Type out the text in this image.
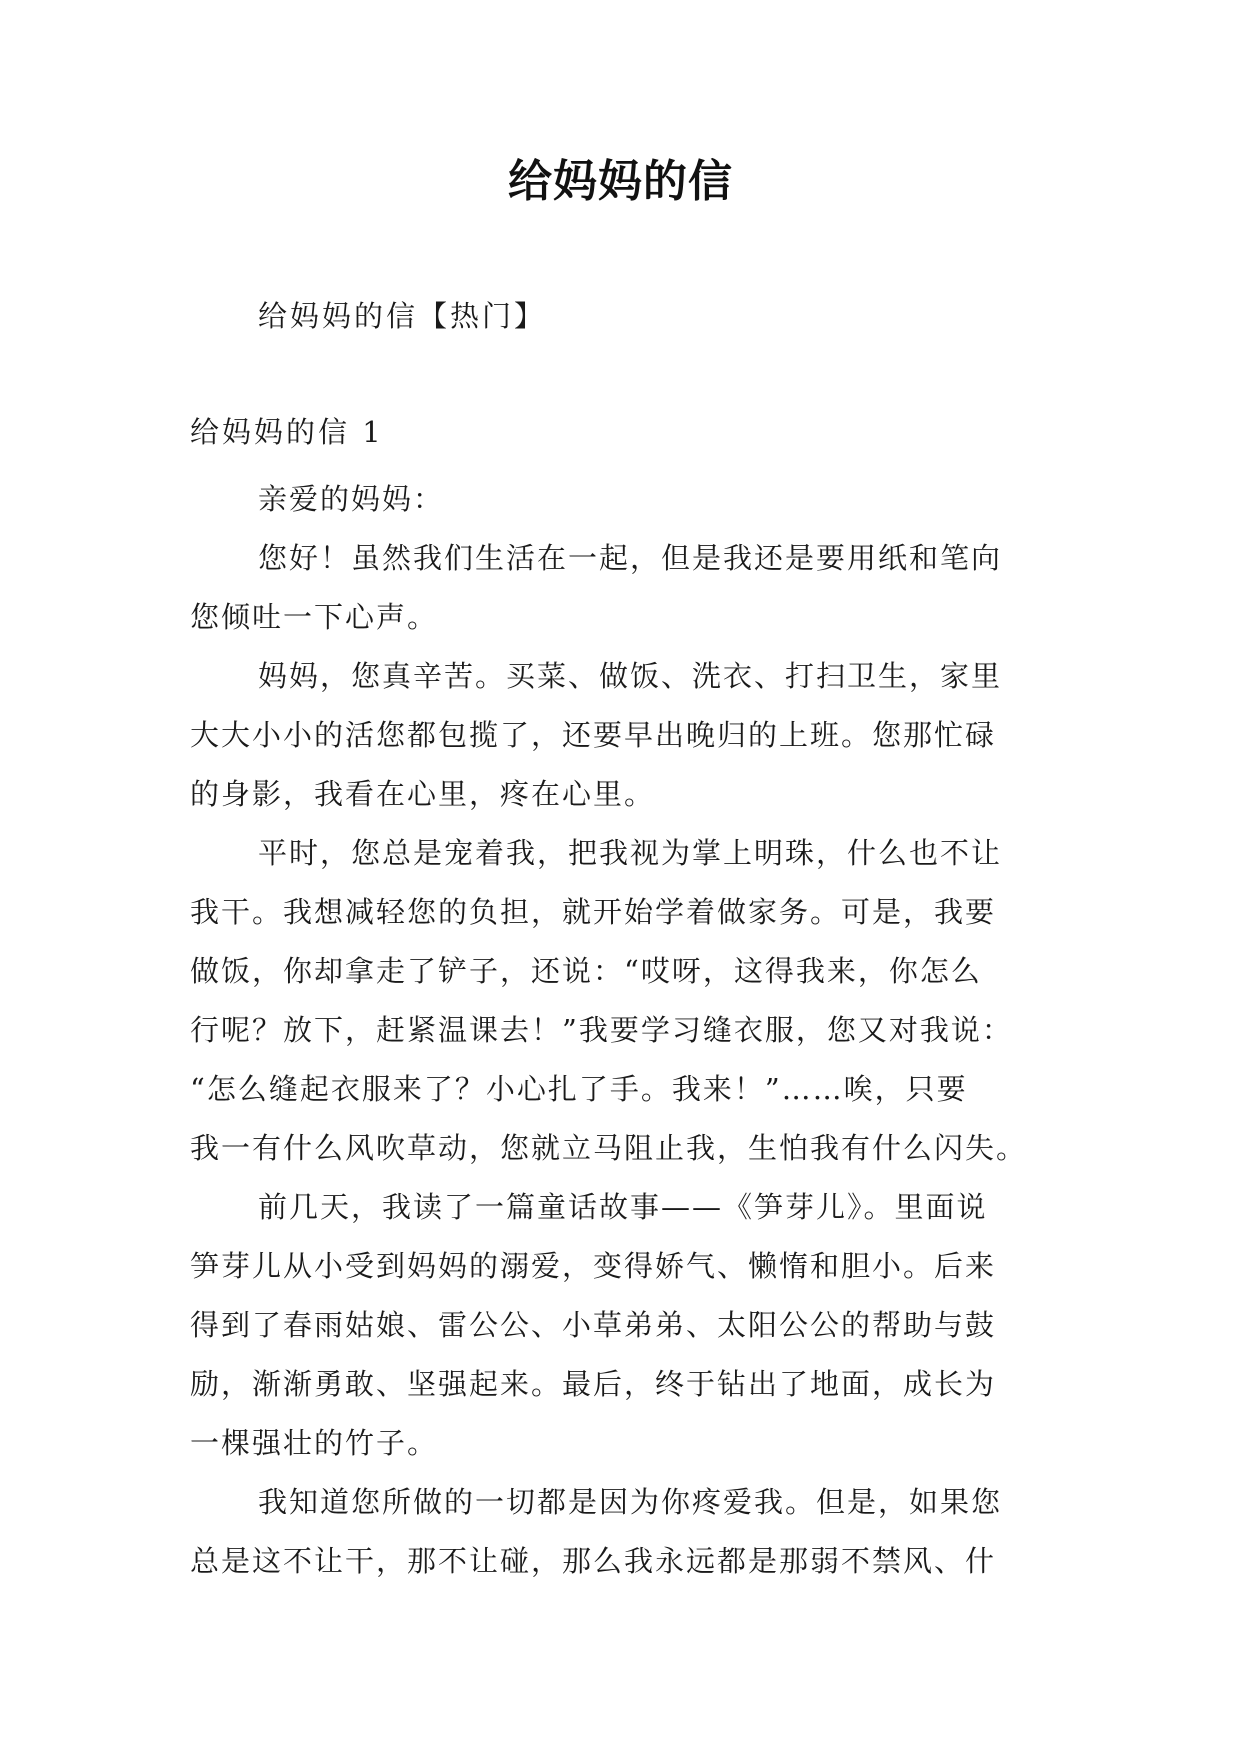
给妈妈的信
给妈妈的信【热门】
给妈妈的信 1

亲爱的妈妈：

您好！虽然我们生活在一起，但是我还是要用纸和笔向
您倾吐一下心声。

妈妈，您真辛苦。买菜、做饭、洗衣、打扫卫生，家里
大大小小的活您都包揽了，还要早出晚归的上班。您那忙碌
的身影，我看在心里，疼在心里。

平时，您总是宠着我，把我视为掌上明珠，什么也不让
我干。我想减轻您的负担，就开始学着做家务。可是，我要
做饭，你却拿走了铲子，还说：“哎呀，这得我来，你怎么
行呢？放下，赶紧温课去！”我要学习缝衣服，您又对我说：
“怎么缝起衣服来了？小心扎了手。我来！”……唉，只要
我一有什么风吹草动，您就立马阻止我，生怕我有什么闪失。

前几天，我读了一篇童话故事——《笋芽儿》。里面说
笋芽儿从小受到妈妈的溺爱，变得娇气、懒惰和胆小。后来
得到了春雨姑娘、雷公公、小草弟弟、太阳公公的帮助与鼓
励，渐渐勇敢、坚强起来。最后，终于钻出了地面，成长为
一棵强壮的竹子。

我知道您所做的一切都是因为你疼爱我。但是，如果您
总是这不让干，那不让碰，那么我永远都是那弱不禁风、什
